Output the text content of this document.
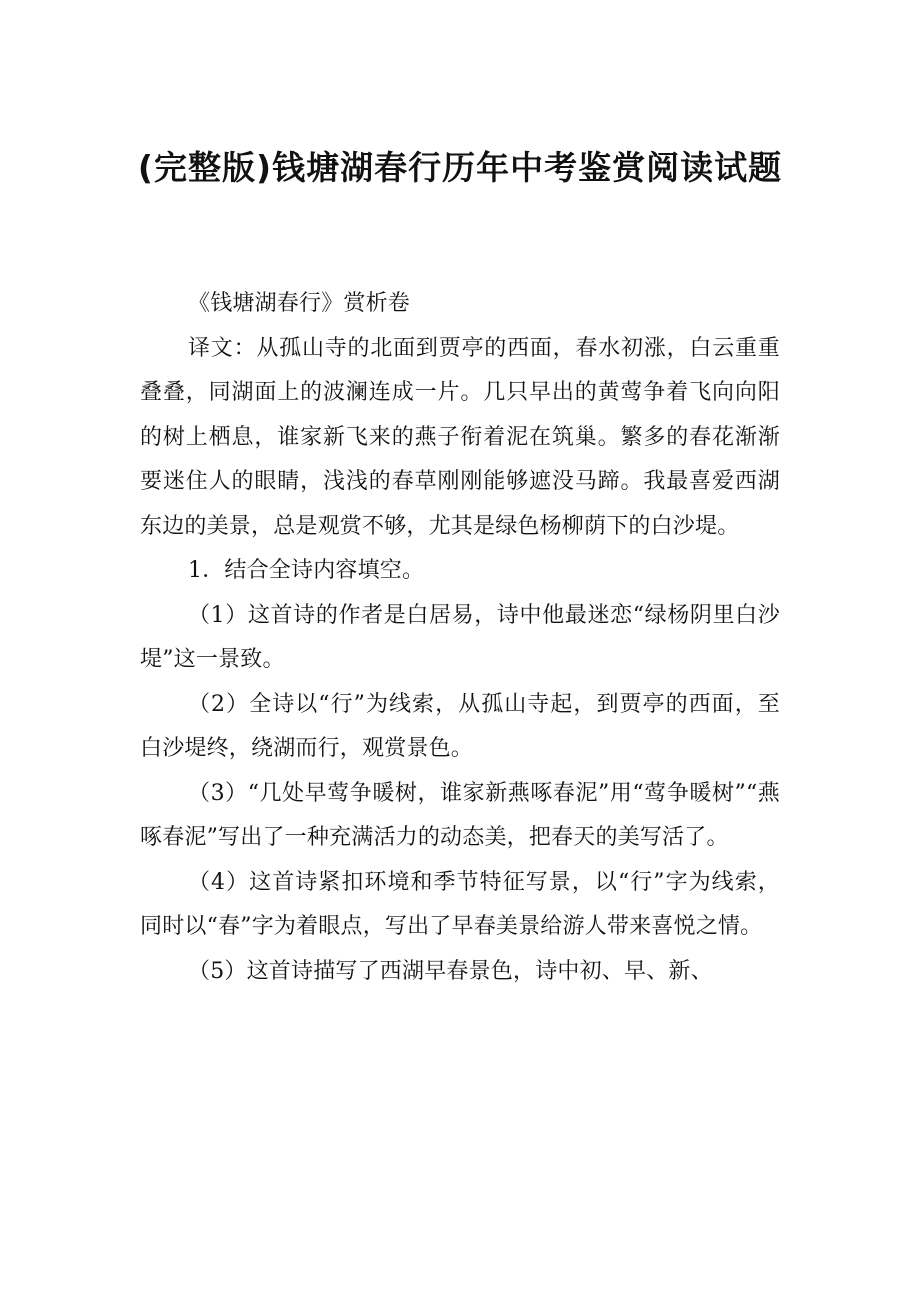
(完整版)钱塘湖春行历年中考鉴赏阅读试题

《钱塘湖春行》赏析卷

译文：从孤山寺的北面到贾亭的西面，春水初涨，白云重重叠叠，同湖面上的波澜连成一片。几只早出的黄莺争着飞向向阳的树上栖息，谁家新飞来的燕子衔着泥在筑巢。繁多的春花渐渐要迷住人的眼睛，浅浅的春草刚刚能够遮没马蹄。我最喜爱西湖东边的美景，总是观赏不够，尤其是绿色杨柳荫下的白沙堤。

1．结合全诗内容填空。

（1）这首诗的作者是白居易，诗中他最迷恋“绿杨阴里白沙堤”这一景致。

（2）全诗以“行”为线索，从孤山寺起，到贾亭的西面，至白沙堤终，绕湖而行，观赏景色。

（3）“几处早莺争暖树，谁家新燕啄春泥”用“莺争暖树”“燕啄春泥”写出了一种充满活力的动态美，把春天的美写活了。

（4）这首诗紧扣环境和季节特征写景，以“行”字为线索，同时以“春”字为着眼点，写出了早春美景给游人带来喜悦之情。

（5）这首诗描写了西湖早春景色，诗中初、早、新、
